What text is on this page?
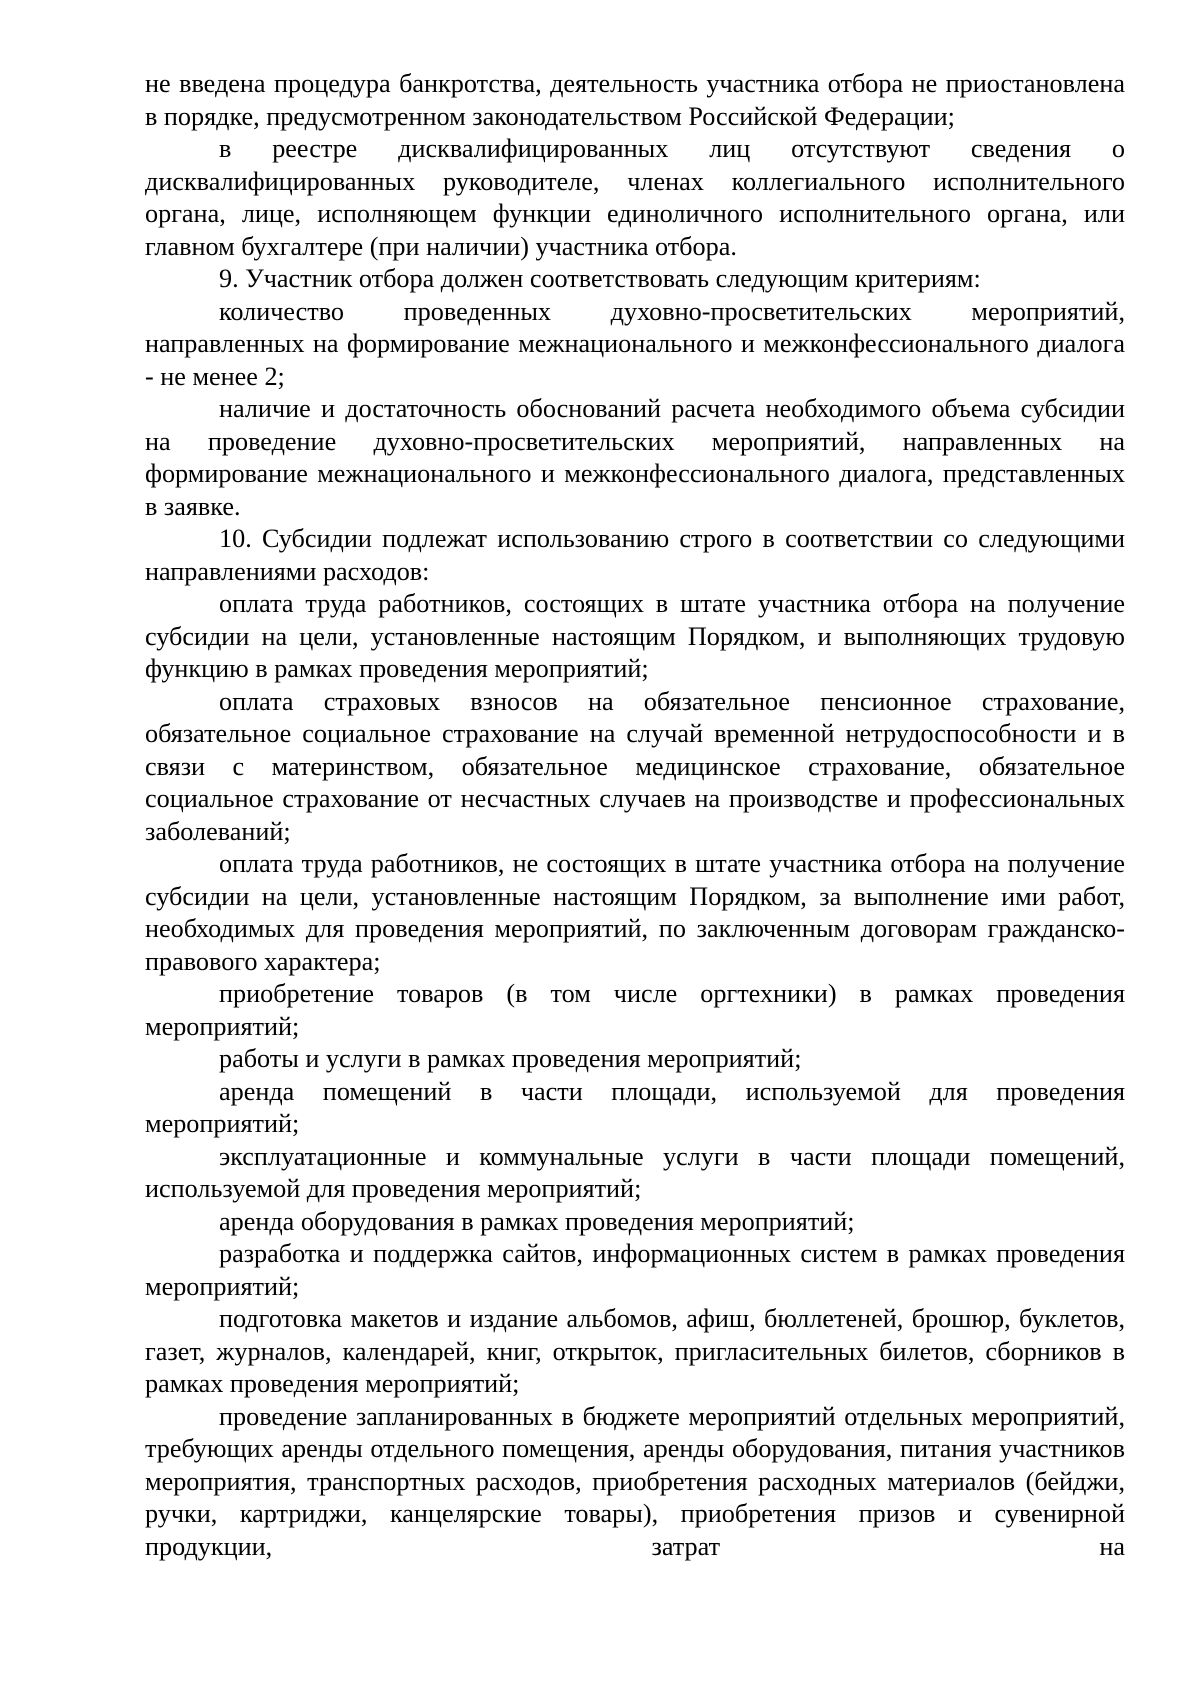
не введена процедура банкротства, деятельность участника отбора не приостановлена в порядке, предусмотренном законодательством Российской Федерации;

в реестре дисквалифицированных лиц отсутствуют сведения о дисквалифицированных руководителе, членах коллегиального исполнительного органа, лице, исполняющем функции единоличного исполнительного органа, или главном бухгалтере (при наличии) участника отбора.

9. Участник отбора должен соответствовать следующим критериям:

количество проведенных духовно-просветительских мероприятий, направленных на формирование межнационального и межконфессионального диалога - не менее 2;

наличие и достаточность обоснований расчета необходимого объема субсидии на проведение духовно-просветительских мероприятий, направленных на формирование межнационального и межконфессионального диалога, представленных в заявке.

10. Субсидии подлежат использованию строго в соответствии со следующими направлениями расходов:

оплата труда работников, состоящих в штате участника отбора на получение субсидии на цели, установленные настоящим Порядком, и выполняющих трудовую функцию в рамках проведения мероприятий;

оплата страховых взносов на обязательное пенсионное страхование, обязательное социальное страхование на случай временной нетрудоспособности и в связи с материнством, обязательное медицинское страхование, обязательное социальное страхование от несчастных случаев на производстве и профессиональных заболеваний;

оплата труда работников, не состоящих в штате участника отбора на получение субсидии на цели, установленные настоящим Порядком, за выполнение ими работ, необходимых для проведения мероприятий, по заключенным договорам гражданско-правового характера;

приобретение товаров (в том числе оргтехники) в рамках проведения мероприятий;

работы и услуги в рамках проведения мероприятий;

аренда помещений в части площади, используемой для проведения мероприятий;

эксплуатационные и коммунальные услуги в части площади помещений, используемой для проведения мероприятий;

аренда оборудования в рамках проведения мероприятий;

разработка и поддержка сайтов, информационных систем в рамках проведения мероприятий;

подготовка макетов и издание альбомов, афиш, бюллетеней, брошюр, буклетов, газет, журналов, календарей, книг, открыток, пригласительных билетов, сборников в рамках проведения мероприятий;

проведение запланированных в бюджете мероприятий отдельных мероприятий, требующих аренды отдельного помещения, аренды оборудования, питания участников мероприятия, транспортных расходов, приобретения расходных материалов (бейджи, ручки, картриджи, канцелярские товары), приобретения призов и сувенирной продукции, затрат на
